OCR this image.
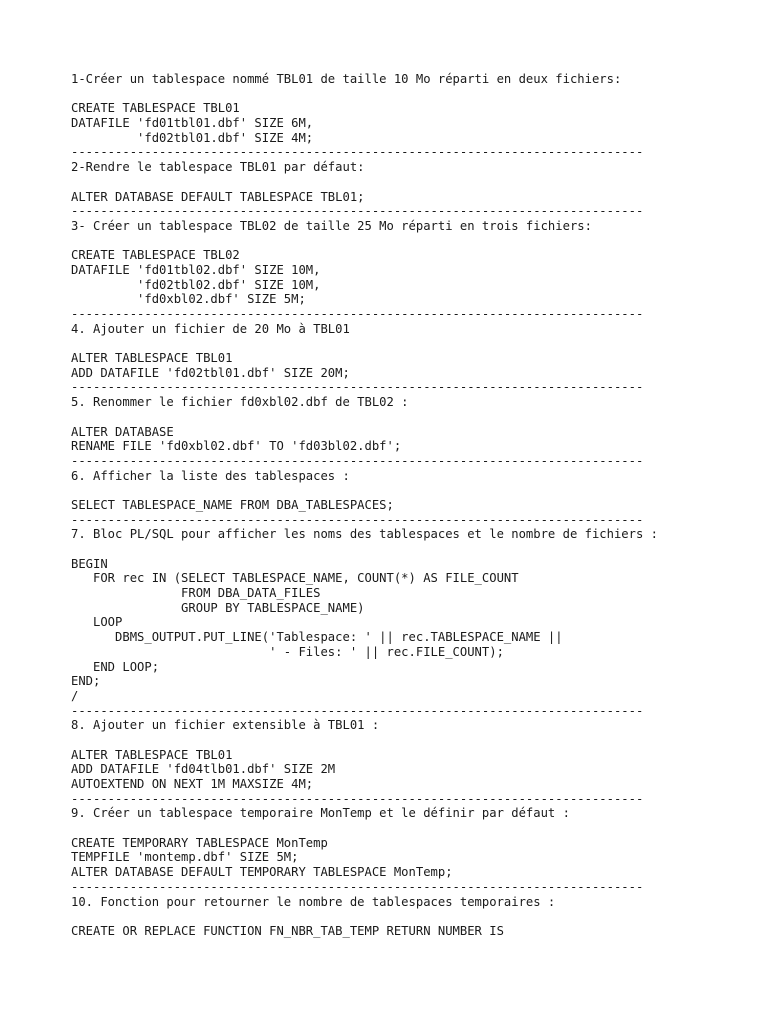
1-Créer un tablespace nommé TBL01 de taille 10 Mo réparti en deux fichiers:
CREATE TABLESPACE TBL01
DATAFILE 'fd01tbl01.dbf' SIZE 6M,
'fd02tbl01.dbf' SIZE 4M;
------------------------------------------------------------------------------
2-Rendre le tablespace TBL01 par défaut:
ALTER DATABASE DEFAULT TABLESPACE TBL01;
------------------------------------------------------------------------------
3- Créer un tablespace TBL02 de taille 25 Mo réparti en trois fichiers:
CREATE TABLESPACE TBL02
DATAFILE 'fd01tbl02.dbf' SIZE 10M,
'fd02tbl02.dbf' SIZE 10M,
'fd0xbl02.dbf' SIZE 5M;
------------------------------------------------------------------------------
4. Ajouter un fichier de 20 Mo à TBL01
ALTER TABLESPACE TBL01
ADD DATAFILE 'fd02tbl01.dbf' SIZE 20M;
------------------------------------------------------------------------------
5. Renommer le fichier fd0xbl02.dbf de TBL02 :
ALTER DATABASE
RENAME FILE 'fd0xbl02.dbf' TO 'fd03bl02.dbf';
------------------------------------------------------------------------------
6. Afficher la liste des tablespaces :
SELECT TABLESPACE_NAME FROM DBA_TABLESPACES;
------------------------------------------------------------------------------
7. Bloc PL/SQL pour afficher les noms des tablespaces et le nombre de fichiers :
BEGIN
FOR rec IN (SELECT TABLESPACE_NAME, COUNT(*) AS FILE_COUNT
FROM DBA_DATA_FILES
GROUP BY TABLESPACE_NAME)
LOOP
DBMS_OUTPUT.PUT_LINE('Tablespace: ' || rec.TABLESPACE_NAME ||
' - Files: ' || rec.FILE_COUNT);
END LOOP;
END;
/
------------------------------------------------------------------------------
8. Ajouter un fichier extensible à TBL01 :
ALTER TABLESPACE TBL01
ADD DATAFILE 'fd04tlb01.dbf' SIZE 2M
AUTOEXTEND ON NEXT 1M MAXSIZE 4M;
------------------------------------------------------------------------------
9. Créer un tablespace temporaire MonTemp et le définir par défaut :
CREATE TEMPORARY TABLESPACE MonTemp
TEMPFILE 'montemp.dbf' SIZE 5M;
ALTER DATABASE DEFAULT TEMPORARY TABLESPACE MonTemp;
------------------------------------------------------------------------------
10. Fonction pour retourner le nombre de tablespaces temporaires :
CREATE OR REPLACE FUNCTION FN_NBR_TAB_TEMP RETURN NUMBER IS
